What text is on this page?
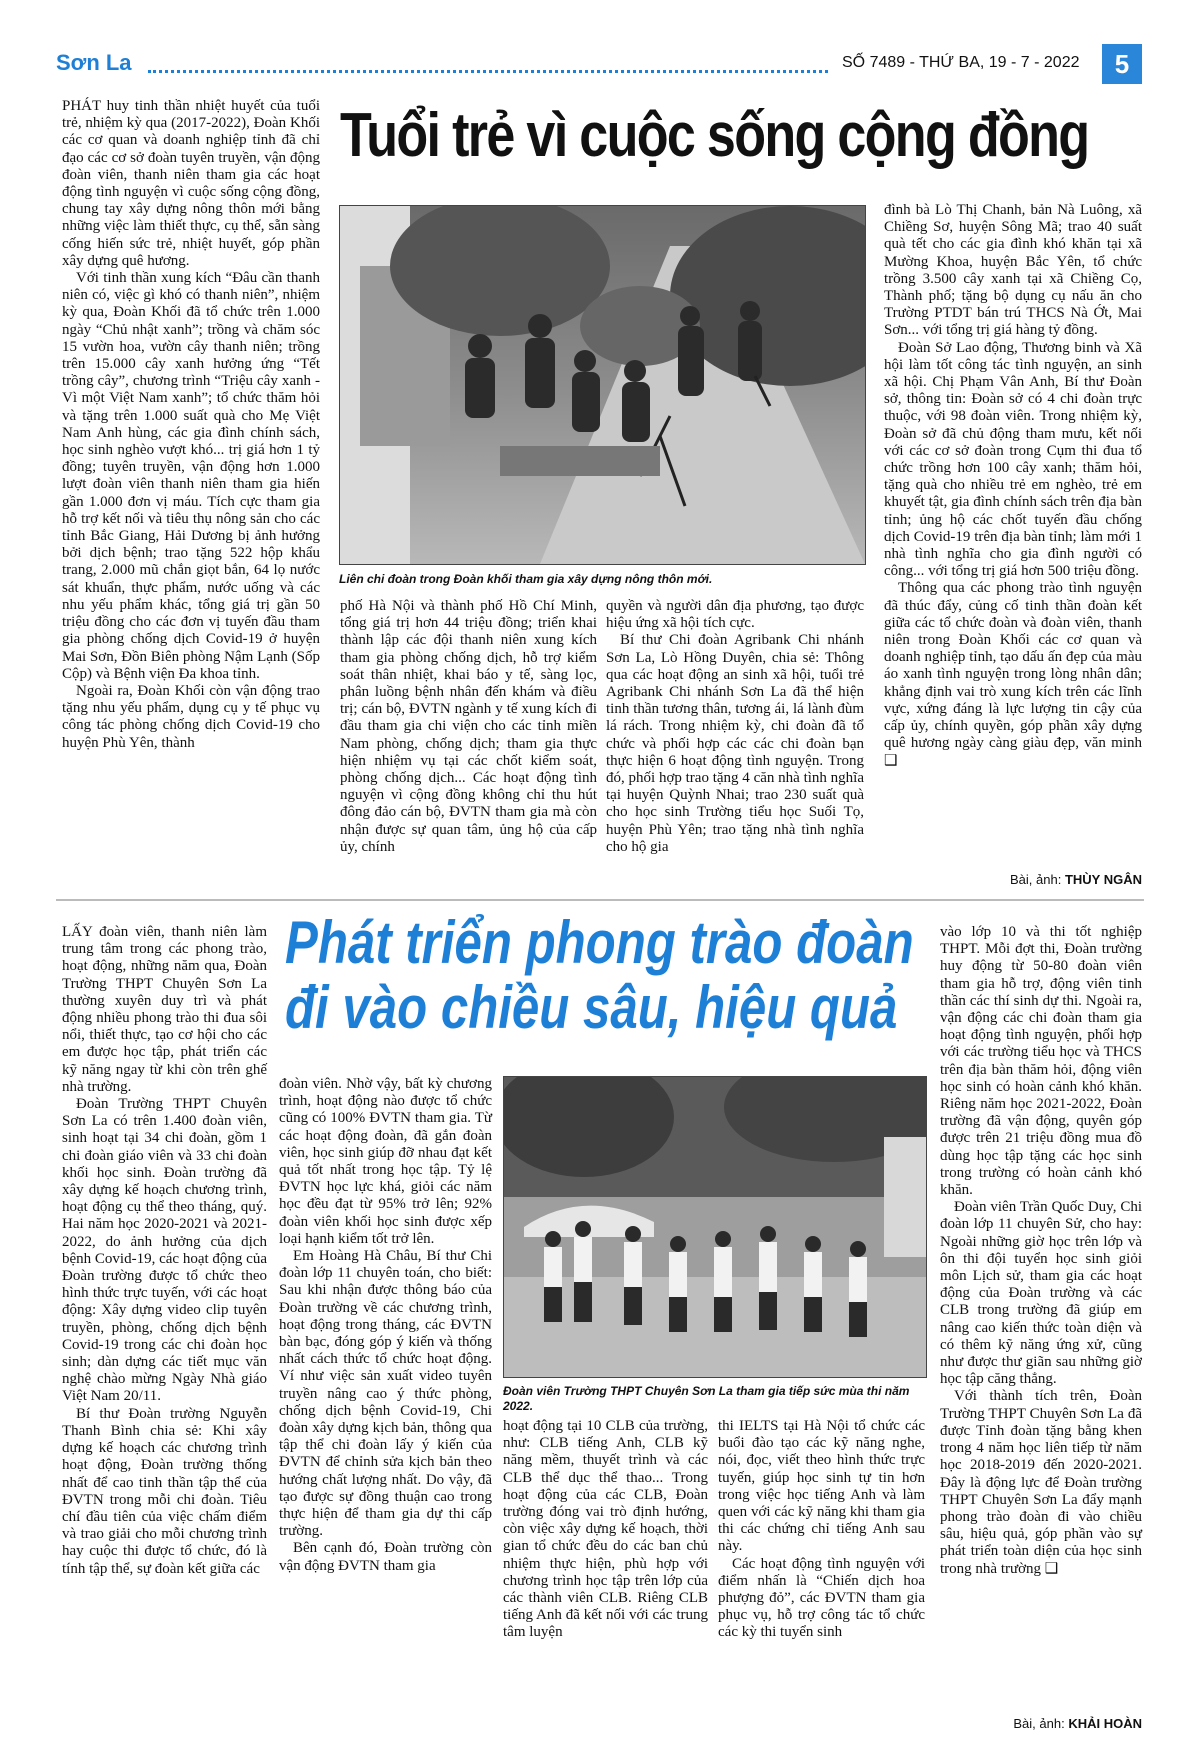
Sơn La	SỐ 7489 - THỨ BA, 19 - 7 - 2022	5
Tuổi trẻ vì cuộc sống cộng đồng

PHÁT huy tinh thần nhiệt huyết của tuổi trẻ, nhiệm kỳ qua (2017-2022), Đoàn Khối các cơ quan và doanh nghiệp tỉnh đã chỉ đạo các cơ sở đoàn tuyên truyền, vận động đoàn viên, thanh niên tham gia các hoạt động tình nguyện vì cuộc sống cộng đồng, chung tay xây dựng nông thôn mới bằng những việc làm thiết thực, cụ thể, sẵn sàng cống hiến sức trẻ, nhiệt huyết, góp phần xây dựng quê hương.

Với tinh thần xung kích “Đâu cần thanh niên có, việc gì khó có thanh niên”, nhiệm kỳ qua, Đoàn Khối đã tổ chức trên 1.000 ngày “Chủ nhật xanh”; trồng và chăm sóc 15 vườn hoa, vườn cây thanh niên; trồng trên 15.000 cây xanh hưởng ứng “Tết trồng cây”, chương trình “Triệu cây xanh - Vì một Việt Nam xanh”; tổ chức thăm hỏi và tặng trên 1.000 suất quà cho Mẹ Việt Nam Anh hùng, các gia đình chính sách, học sinh nghèo vượt khó... trị giá hơn 1 tỷ đồng; tuyên truyền, vận động hơn 1.000 lượt đoàn viên thanh niên tham gia hiến gần 1.000 đơn vị máu. Tích cực tham gia hỗ trợ kết nối và tiêu thụ nông sản cho các tỉnh Bắc Giang, Hải Dương bị ảnh hưởng bởi dịch bệnh; trao tặng 522 hộp khẩu trang, 2.000 mũ chắn giọt bắn, 64 lọ nước sát khuẩn, thực phẩm, nước uống và các nhu yếu phẩm khác, tổng giá trị gần 50 triệu đồng cho các đơn vị tuyến đầu tham gia phòng chống dịch Covid-19 ở huyện Mai Sơn, Đồn Biên phòng Nậm Lạnh (Sốp Cộp) và Bệnh viện Đa khoa tỉnh.

Ngoài ra, Đoàn Khối còn vận động trao tặng nhu yếu phẩm, dụng cụ y tế phục vụ công tác phòng chống dịch Covid-19 cho huyện Phù Yên, thành

Liên chi đoàn trong Đoàn khối tham gia xây dựng nông thôn mới.

phố Hà Nội và thành phố Hồ Chí Minh, tổng giá trị hơn 44 triệu đồng; triển khai thành lập các đội thanh niên xung kích tham gia phòng chống dịch, hỗ trợ kiểm soát thân nhiệt, khai báo y tế, sàng lọc, phân luồng bệnh nhân đến khám và điều trị; cán bộ, ĐVTN ngành y tế xung kích đi đầu tham gia chi viện cho các tỉnh miền Nam phòng, chống dịch; tham gia thực hiện nhiệm vụ tại các chốt kiểm soát, phòng chống dịch... Các hoạt động tình nguyện vì cộng đồng không chỉ thu hút đông đảo cán bộ, ĐVTN tham gia mà còn nhận được sự quan tâm, ủng hộ của cấp ủy, chính

quyền và người dân địa phương, tạo được hiệu ứng xã hội tích cực.

Bí thư Chi đoàn Agribank Chi nhánh Sơn La, Lò Hồng Duyên, chia sẻ: Thông qua các hoạt động an sinh xã hội, tuổi trẻ Agribank Chi nhánh Sơn La đã thể hiện tinh thần tương thân, tương ái, lá lành đùm lá rách. Trong nhiệm kỳ, chi đoàn đã tổ chức và phối hợp các các chi đoàn bạn thực hiện 6 hoạt động tình nguyện. Trong đó, phối hợp trao tặng 4 căn nhà tình nghĩa tại huyện Quỳnh Nhai; trao 230 suất quà cho học sinh Trường tiểu học Suối Tọ, huyện Phù Yên; trao tặng nhà tình nghĩa cho hộ gia

đình bà Lò Thị Chanh, bản Nà Luông, xã Chiềng Sơ, huyện Sông Mã; trao 40 suất quà tết cho các gia đình khó khăn tại xã Mường Khoa, huyện Bắc Yên, tổ chức trồng 3.500 cây xanh tại xã Chiềng Cọ, Thành phố; tặng bộ dụng cụ nấu ăn cho Trường PTDT bán trú THCS Nà Ớt, Mai Sơn... với tổng trị giá hàng tỷ đồng.

Đoàn Sở Lao động, Thương binh và Xã hội làm tốt công tác tình nguyện, an sinh xã hội. Chị Phạm Vân Anh, Bí thư Đoàn sở, thông tin: Đoàn sở có 4 chi đoàn trực thuộc, với 98 đoàn viên. Trong nhiệm kỳ, Đoàn sở đã chủ động tham mưu, kết nối với các cơ sở đoàn trong Cụm thi đua tổ chức trồng hơn 100 cây xanh; thăm hỏi, tặng quà cho nhiều trẻ em nghèo, trẻ em khuyết tật, gia đình chính sách trên địa bàn tỉnh; ủng hộ các chốt tuyến đầu chống dịch Covid-19 trên địa bàn tỉnh; làm mới 1 nhà tình nghĩa cho gia đình người có công... với tổng trị giá hơn 500 triệu đồng.

Thông qua các phong trào tình nguyện đã thúc đẩy, củng cố tinh thần đoàn kết giữa các tổ chức đoàn và đoàn viên, thanh niên trong Đoàn Khối các cơ quan và doanh nghiệp tỉnh, tạo dấu ấn đẹp của màu áo xanh tình nguyện trong lòng nhân dân; khẳng định vai trò xung kích trên các lĩnh vực, xứng đáng là lực lượng tin cậy của cấp ủy, chính quyền, góp phần xây dựng quê hương ngày càng giàu đẹp, văn minh ❑

Bài, ảnh: THÙY NGÂN
Phát triển phong trào đoàn
đi vào chiều sâu, hiệu quả

LẤY đoàn viên, thanh niên làm trung tâm trong các phong trào, hoạt động, những năm qua, Đoàn Trường THPT Chuyên Sơn La thường xuyên duy trì và phát động nhiều phong trào thi đua sôi nổi, thiết thực, tạo cơ hội cho các em được học tập, phát triển các kỹ năng ngay từ khi còn trên ghế nhà trường.

Đoàn Trường THPT Chuyên Sơn La có trên 1.400 đoàn viên, sinh hoạt tại 34 chi đoàn, gồm 1 chi đoàn giáo viên và 33 chi đoàn khối học sinh. Đoàn trường đã xây dựng kế hoạch chương trình, hoạt động cụ thể theo tháng, quý. Hai năm học 2020-2021 và 2021-2022, do ảnh hưởng của dịch bệnh Covid-19, các hoạt động của Đoàn trường được tổ chức theo hình thức trực tuyến, với các hoạt động: Xây dựng video clip tuyên truyền, phòng, chống dịch bệnh Covid-19 trong các chi đoàn học sinh; dàn dựng các tiết mục văn nghệ chào mừng Ngày Nhà giáo Việt Nam 20/11.

Bí thư Đoàn trường Nguyễn Thanh Bình chia sẻ: Khi xây dựng kế hoạch các chương trình hoạt động, Đoàn trường thống nhất để cao tinh thần tập thể của ĐVTN trong mỗi chi đoàn. Tiêu chí đầu tiên của việc chấm điểm và trao giải cho mỗi chương trình hay cuộc thi được tổ chức, đó là tính tập thể, sự đoàn kết giữa các

đoàn viên. Nhờ vậy, bất kỳ chương trình, hoạt động nào được tổ chức cũng có 100% ĐVTN tham gia. Từ các hoạt động đoàn, đã gắn đoàn viên, học sinh giúp đỡ nhau đạt kết quả tốt nhất trong học tập. Tỷ lệ ĐVTN học lực khá, giỏi các năm học đều đạt từ 95% trở lên; 92% đoàn viên khối học sinh được xếp loại hạnh kiểm tốt trở lên.

Em Hoàng Hà Châu, Bí thư Chi đoàn lớp 11 chuyên toán, cho biết: Sau khi nhận được thông báo của Đoàn trường về các chương trình, hoạt động trong tháng, các ĐVTN bàn bạc, đóng góp ý kiến và thống nhất cách thức tổ chức hoạt động. Ví như việc sản xuất video tuyên truyền nâng cao ý thức phòng, chống dịch bệnh Covid-19, Chi đoàn xây dựng kịch bản, thông qua tập thể chi đoàn lấy ý kiến của ĐVTN để chỉnh sửa kịch bản theo hướng chất lượng nhất. Do vậy, đã tạo được sự đồng thuận cao trong thực hiện để tham gia dự thi cấp trường.

Bên cạnh đó, Đoàn trường còn vận động ĐVTN tham gia

Đoàn viên Trường THPT Chuyên Sơn La tham gia tiếp sức mùa thi năm 2022.

hoạt động tại 10 CLB của trường, như: CLB tiếng Anh, CLB kỹ năng mềm, thuyết trình và các CLB thể dục thể thao... Trong hoạt động của các CLB, Đoàn trường đóng vai trò định hướng, còn việc xây dựng kế hoạch, thời gian tổ chức đều do các ban chủ nhiệm thực hiện, phù hợp với chương trình học tập trên lớp của các thành viên CLB. Riêng CLB tiếng Anh đã kết nối với các trung tâm luyện

thi IELTS tại Hà Nội tổ chức các buổi đào tạo các kỹ năng nghe, nói, đọc, viết theo hình thức trực tuyến, giúp học sinh tự tin hơn trong việc học tiếng Anh và làm quen với các kỹ năng khi tham gia thi các chứng chỉ tiếng Anh sau này.

Các hoạt động tình nguyện với điểm nhấn là “Chiến dịch hoa phượng đỏ”, các ĐVTN tham gia phục vụ, hỗ trợ công tác tổ chức các kỳ thi tuyển sinh

vào lớp 10 và thi tốt nghiệp THPT. Mỗi đợt thi, Đoàn trường huy động từ 50-80 đoàn viên tham gia hỗ trợ, động viên tinh thần các thí sinh dự thi. Ngoài ra, vận động các chi đoàn tham gia hoạt động tình nguyện, phối hợp với các trường tiểu học và THCS trên địa bàn thăm hỏi, động viên học sinh có hoàn cảnh khó khăn. Riêng năm học 2021-2022, Đoàn trường đã vận động, quyên góp được trên 21 triệu đồng mua đồ dùng học tập tặng các học sinh trong trường có hoàn cảnh khó khăn.

Đoàn viên Trần Quốc Duy, Chi đoàn lớp 11 chuyên Sử, cho hay: Ngoài những giờ học trên lớp và ôn thi đội tuyển học sinh giỏi môn Lịch sử, tham gia các hoạt động của Đoàn trường và các CLB trong trường đã giúp em nâng cao kiến thức toàn diện và có thêm kỹ năng ứng xử, cũng như được thư giãn sau những giờ học tập căng thẳng.

Với thành tích trên, Đoàn Trường THPT Chuyên Sơn La đã được Tỉnh đoàn tặng bằng khen trong 4 năm học liên tiếp từ năm học 2018-2019 đến 2020-2021. Đây là động lực để Đoàn trường THPT Chuyên Sơn La đẩy mạnh phong trào đoàn đi vào chiều sâu, hiệu quả, góp phần vào sự phát triển toàn diện của học sinh trong nhà trường ❑

Bài, ảnh: KHẢI HOÀN
